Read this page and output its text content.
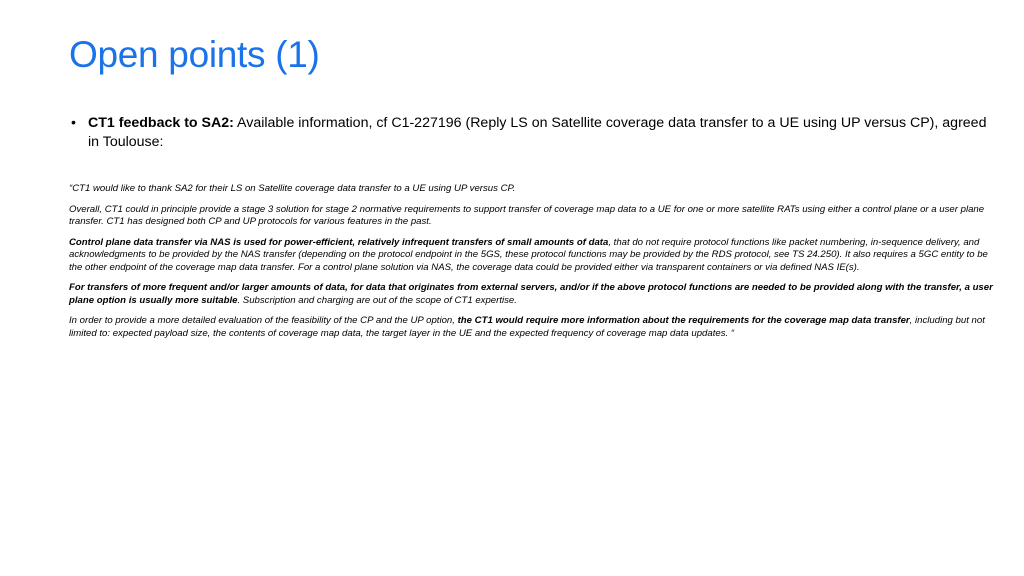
Open points (1)
• CT1 feedback to SA2: Available information, cf C1-227196 (Reply LS on Satellite coverage data transfer to a UE using UP versus CP), agreed in Toulouse:

“CT1 would like to thank SA2 for their LS on Satellite coverage data transfer to a UE using UP versus CP.

Overall, CT1 could in principle provide a stage 3 solution for stage 2 normative requirements to support transfer of coverage map data to a UE for one or more satellite RATs using either a control plane or a user plane transfer. CT1 has designed both CP and UP protocols for various features in the past.

Control plane data transfer via NAS is used for power-efficient, relatively infrequent transfers of small amounts of data, that do not require protocol functions like packet numbering, in-sequence delivery, and acknowledgments to be provided by the NAS transfer (depending on the protocol endpoint in the 5GS, these protocol functions may be provided by the RDS protocol, see TS 24.250). It also requires a 5GC entity to be the other endpoint of the coverage map data transfer. For a control plane solution via NAS, the coverage data could be provided either via transparent containers or via defined NAS IE(s).

For transfers of more frequent and/or larger amounts of data, for data that originates from external servers, and/or if the above protocol functions are needed to be provided along with the transfer, a user plane option is usually more suitable. Subscription and charging are out of the scope of CT1 expertise.

In order to provide a more detailed evaluation of the feasibility of the CP and the UP option, the CT1 would require more information about the requirements for the coverage map data transfer, including but not limited to: expected payload size, the contents of coverage map data, the target layer in the UE and the expected frequency of coverage map data updates. “
